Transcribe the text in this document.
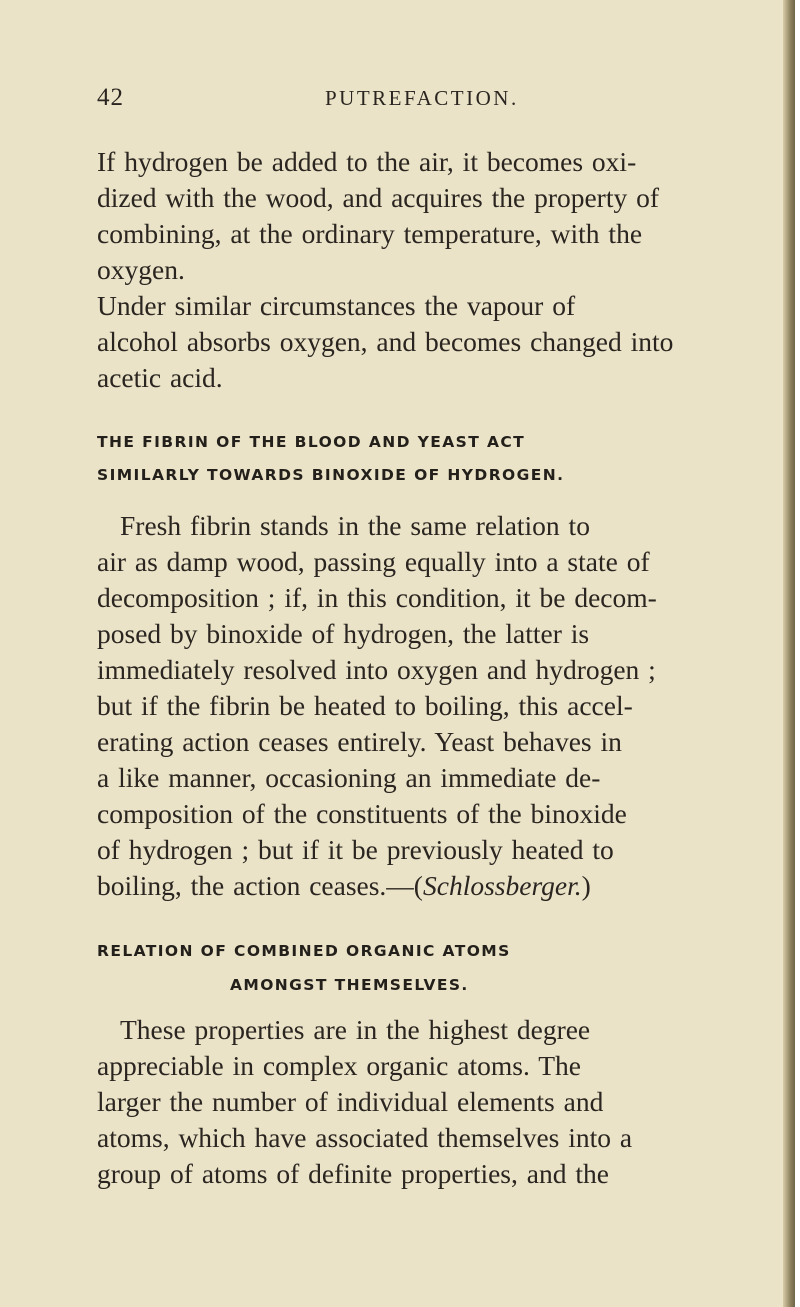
42	PUTREFACTION.
If hydrogen be added to the air, it becomes oxi-
dized with the wood, and acquires the property of
combining, at the ordinary temperature, with the
oxygen.
Under similar circumstances the vapour of
alcohol absorbs oxygen, and becomes changed into
acetic acid.
THE FIBRIN OF THE BLOOD AND YEAST ACT
SIMILARLY TOWARDS BINOXIDE OF HYDROGEN.
Fresh fibrin stands in the same relation to
air as damp wood, passing equally into a state of
decomposition ; if, in this condition, it be decom-
posed by binoxide of hydrogen, the latter is
immediately resolved into oxygen and hydrogen ;
but if the fibrin be heated to boiling, this accel-
erating action ceases entirely. Yeast behaves in
a like manner, occasioning an immediate de-
composition of the constituents of the binoxide
of hydrogen ; but if it be previously heated to
boiling, the action ceases.—(Schlossberger.)
RELATION OF COMBINED ORGANIC ATOMS
AMONGST THEMSELVES.
These properties are in the highest degree
appreciable in complex organic atoms. The
larger the number of individual elements and
atoms, which have associated themselves into a
group of atoms of definite properties, and the
